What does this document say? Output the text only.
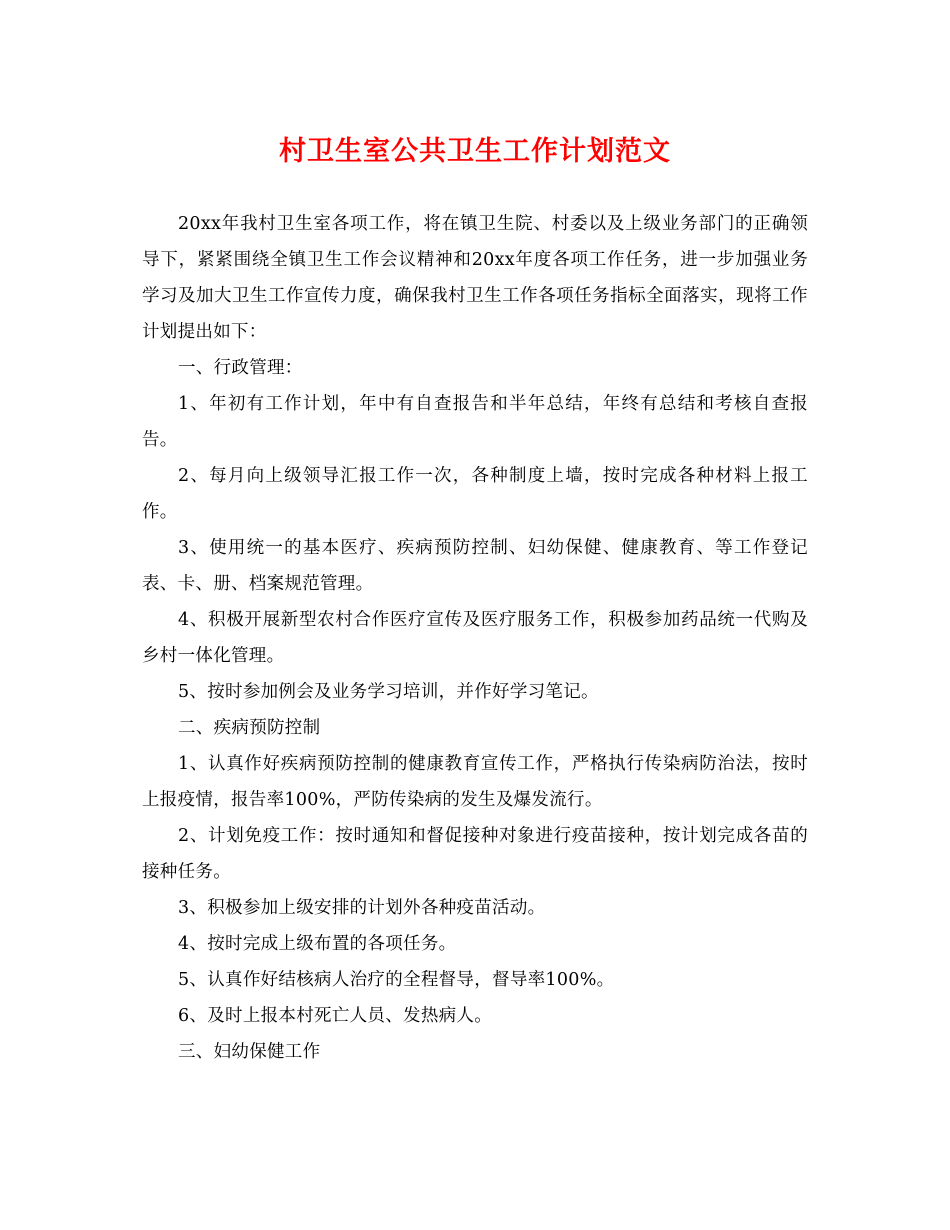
村卫生室公共卫生工作计划范文

20xx年我村卫生室各项工作，将在镇卫生院、村委以及上级业务部门的正确领导下，紧紧围绕全镇卫生工作会议精神和20xx年度各项工作任务，进一步加强业务学习及加大卫生工作宣传力度，确保我村卫生工作各项任务指标全面落实，现将工作计划提出如下：

一、行政管理：

1、年初有工作计划，年中有自查报告和半年总结，年终有总结和考核自查报告。

2、每月向上级领导汇报工作一次，各种制度上墙，按时完成各种材料上报工作。

3、使用统一的基本医疗、疾病预防控制、妇幼保健、健康教育、等工作登记表、卡、册、档案规范管理。

4、积极开展新型农村合作医疗宣传及医疗服务工作，积极参加药品统一代购及乡村一体化管理。

5、按时参加例会及业务学习培训，并作好学习笔记。

二、疾病预防控制

1、认真作好疾病预防控制的健康教育宣传工作，严格执行传染病防治法，按时上报疫情，报告率100%，严防传染病的发生及爆发流行。

2、计划免疫工作：按时通知和督促接种对象进行疫苗接种，按计划完成各苗的接种任务。

3、积极参加上级安排的计划外各种疫苗活动。

4、按时完成上级布置的各项任务。

5、认真作好结核病人治疗的全程督导，督导率100%。

6、及时上报本村死亡人员、发热病人。

三、妇幼保健工作
